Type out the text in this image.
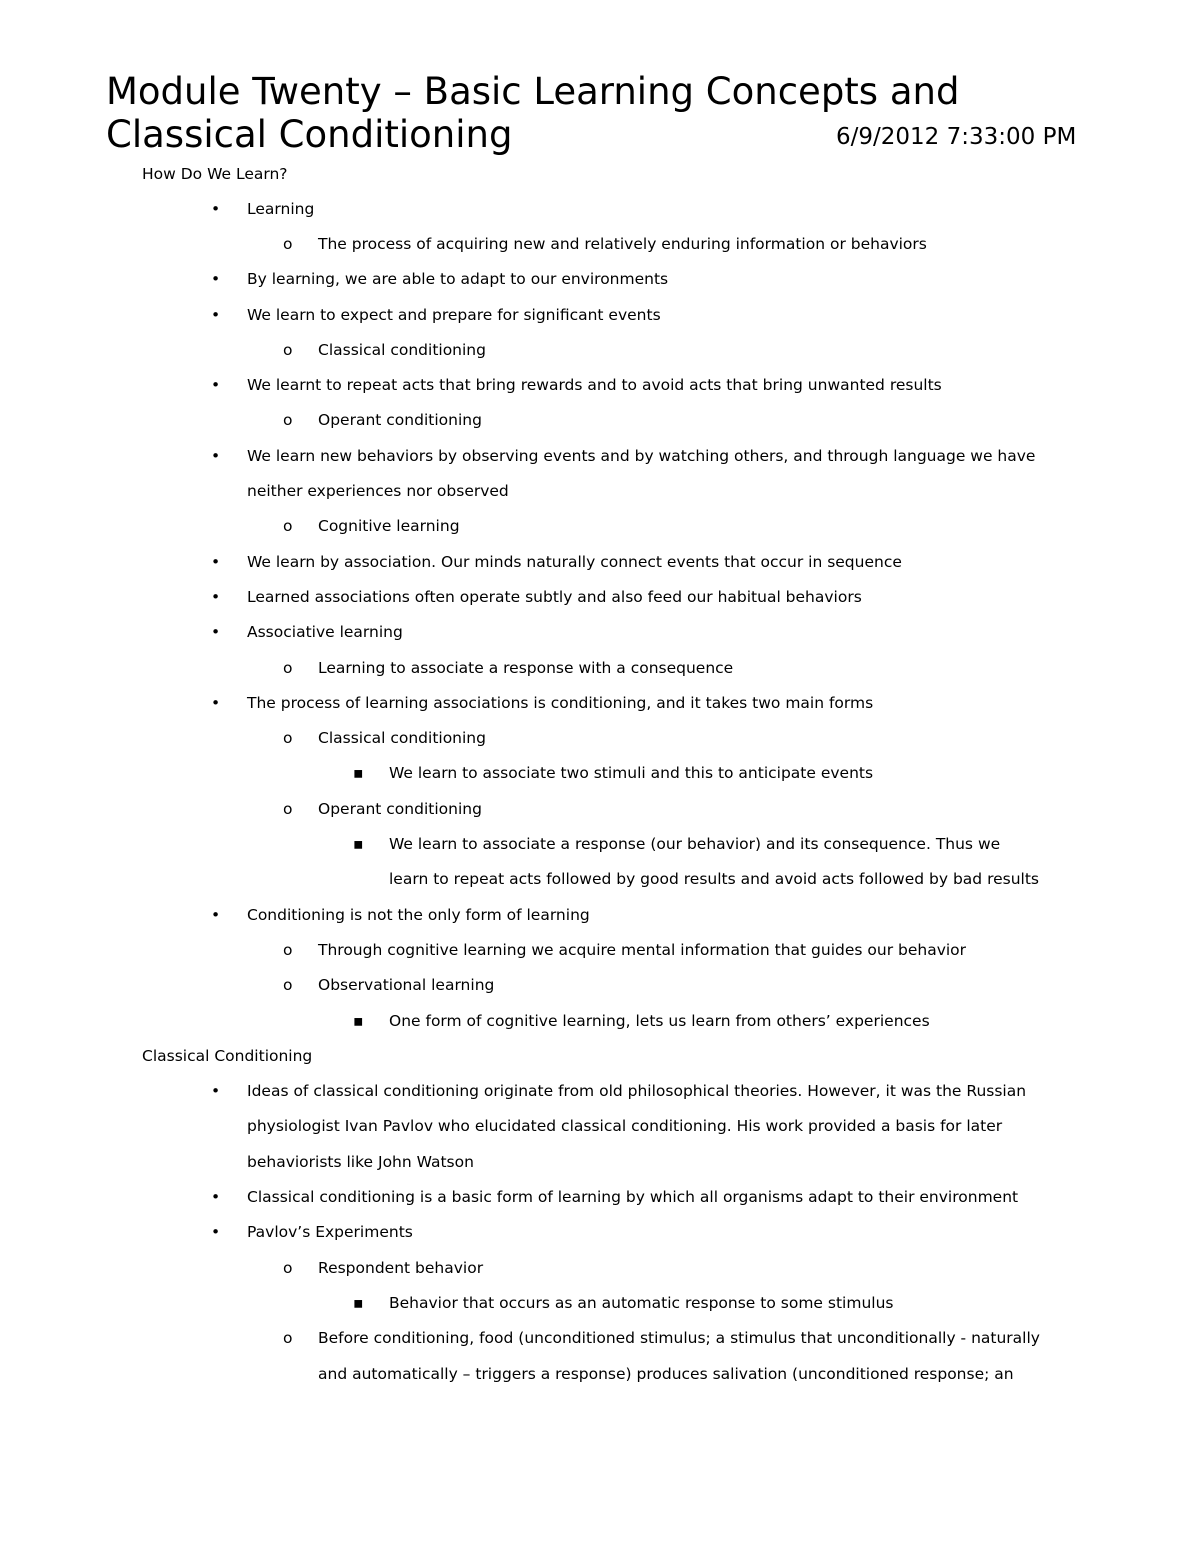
Module Twenty – Basic Learning Concepts and
Classical Conditioning	6/9/2012 7:33:00 PM
How Do We Learn?
• Learning
o The process of acquiring new and relatively enduring information or behaviors
• By learning, we are able to adapt to our environments
• We learn to expect and prepare for significant events
o Classical conditioning
• We learnt to repeat acts that bring rewards and to avoid acts that bring unwanted results
o Operant conditioning
• We learn new behaviors by observing events and by watching others, and through language we have
neither experiences nor observed
o Cognitive learning
• We learn by association. Our minds naturally connect events that occur in sequence
• Learned associations often operate subtly and also feed our habitual behaviors
• Associative learning
o Learning to associate a response with a consequence
• The process of learning associations is conditioning, and it takes two main forms
o Classical conditioning
▪ We learn to associate two stimuli and this to anticipate events
o Operant conditioning
▪ We learn to associate a response (our behavior) and its consequence. Thus we
learn to repeat acts followed by good results and avoid acts followed by bad results
• Conditioning is not the only form of learning
o Through cognitive learning we acquire mental information that guides our behavior
o Observational learning
▪ One form of cognitive learning, lets us learn from others’ experiences
Classical Conditioning
• Ideas of classical conditioning originate from old philosophical theories. However, it was the Russian
physiologist Ivan Pavlov who elucidated classical conditioning. His work provided a basis for later
behaviorists like John Watson
• Classical conditioning is a basic form of learning by which all organisms adapt to their environment
• Pavlov’s Experiments
o Respondent behavior
▪ Behavior that occurs as an automatic response to some stimulus
o Before conditioning, food (unconditioned stimulus; a stimulus that unconditionally - naturally
and automatically – triggers a response) produces salivation (unconditioned response; an
